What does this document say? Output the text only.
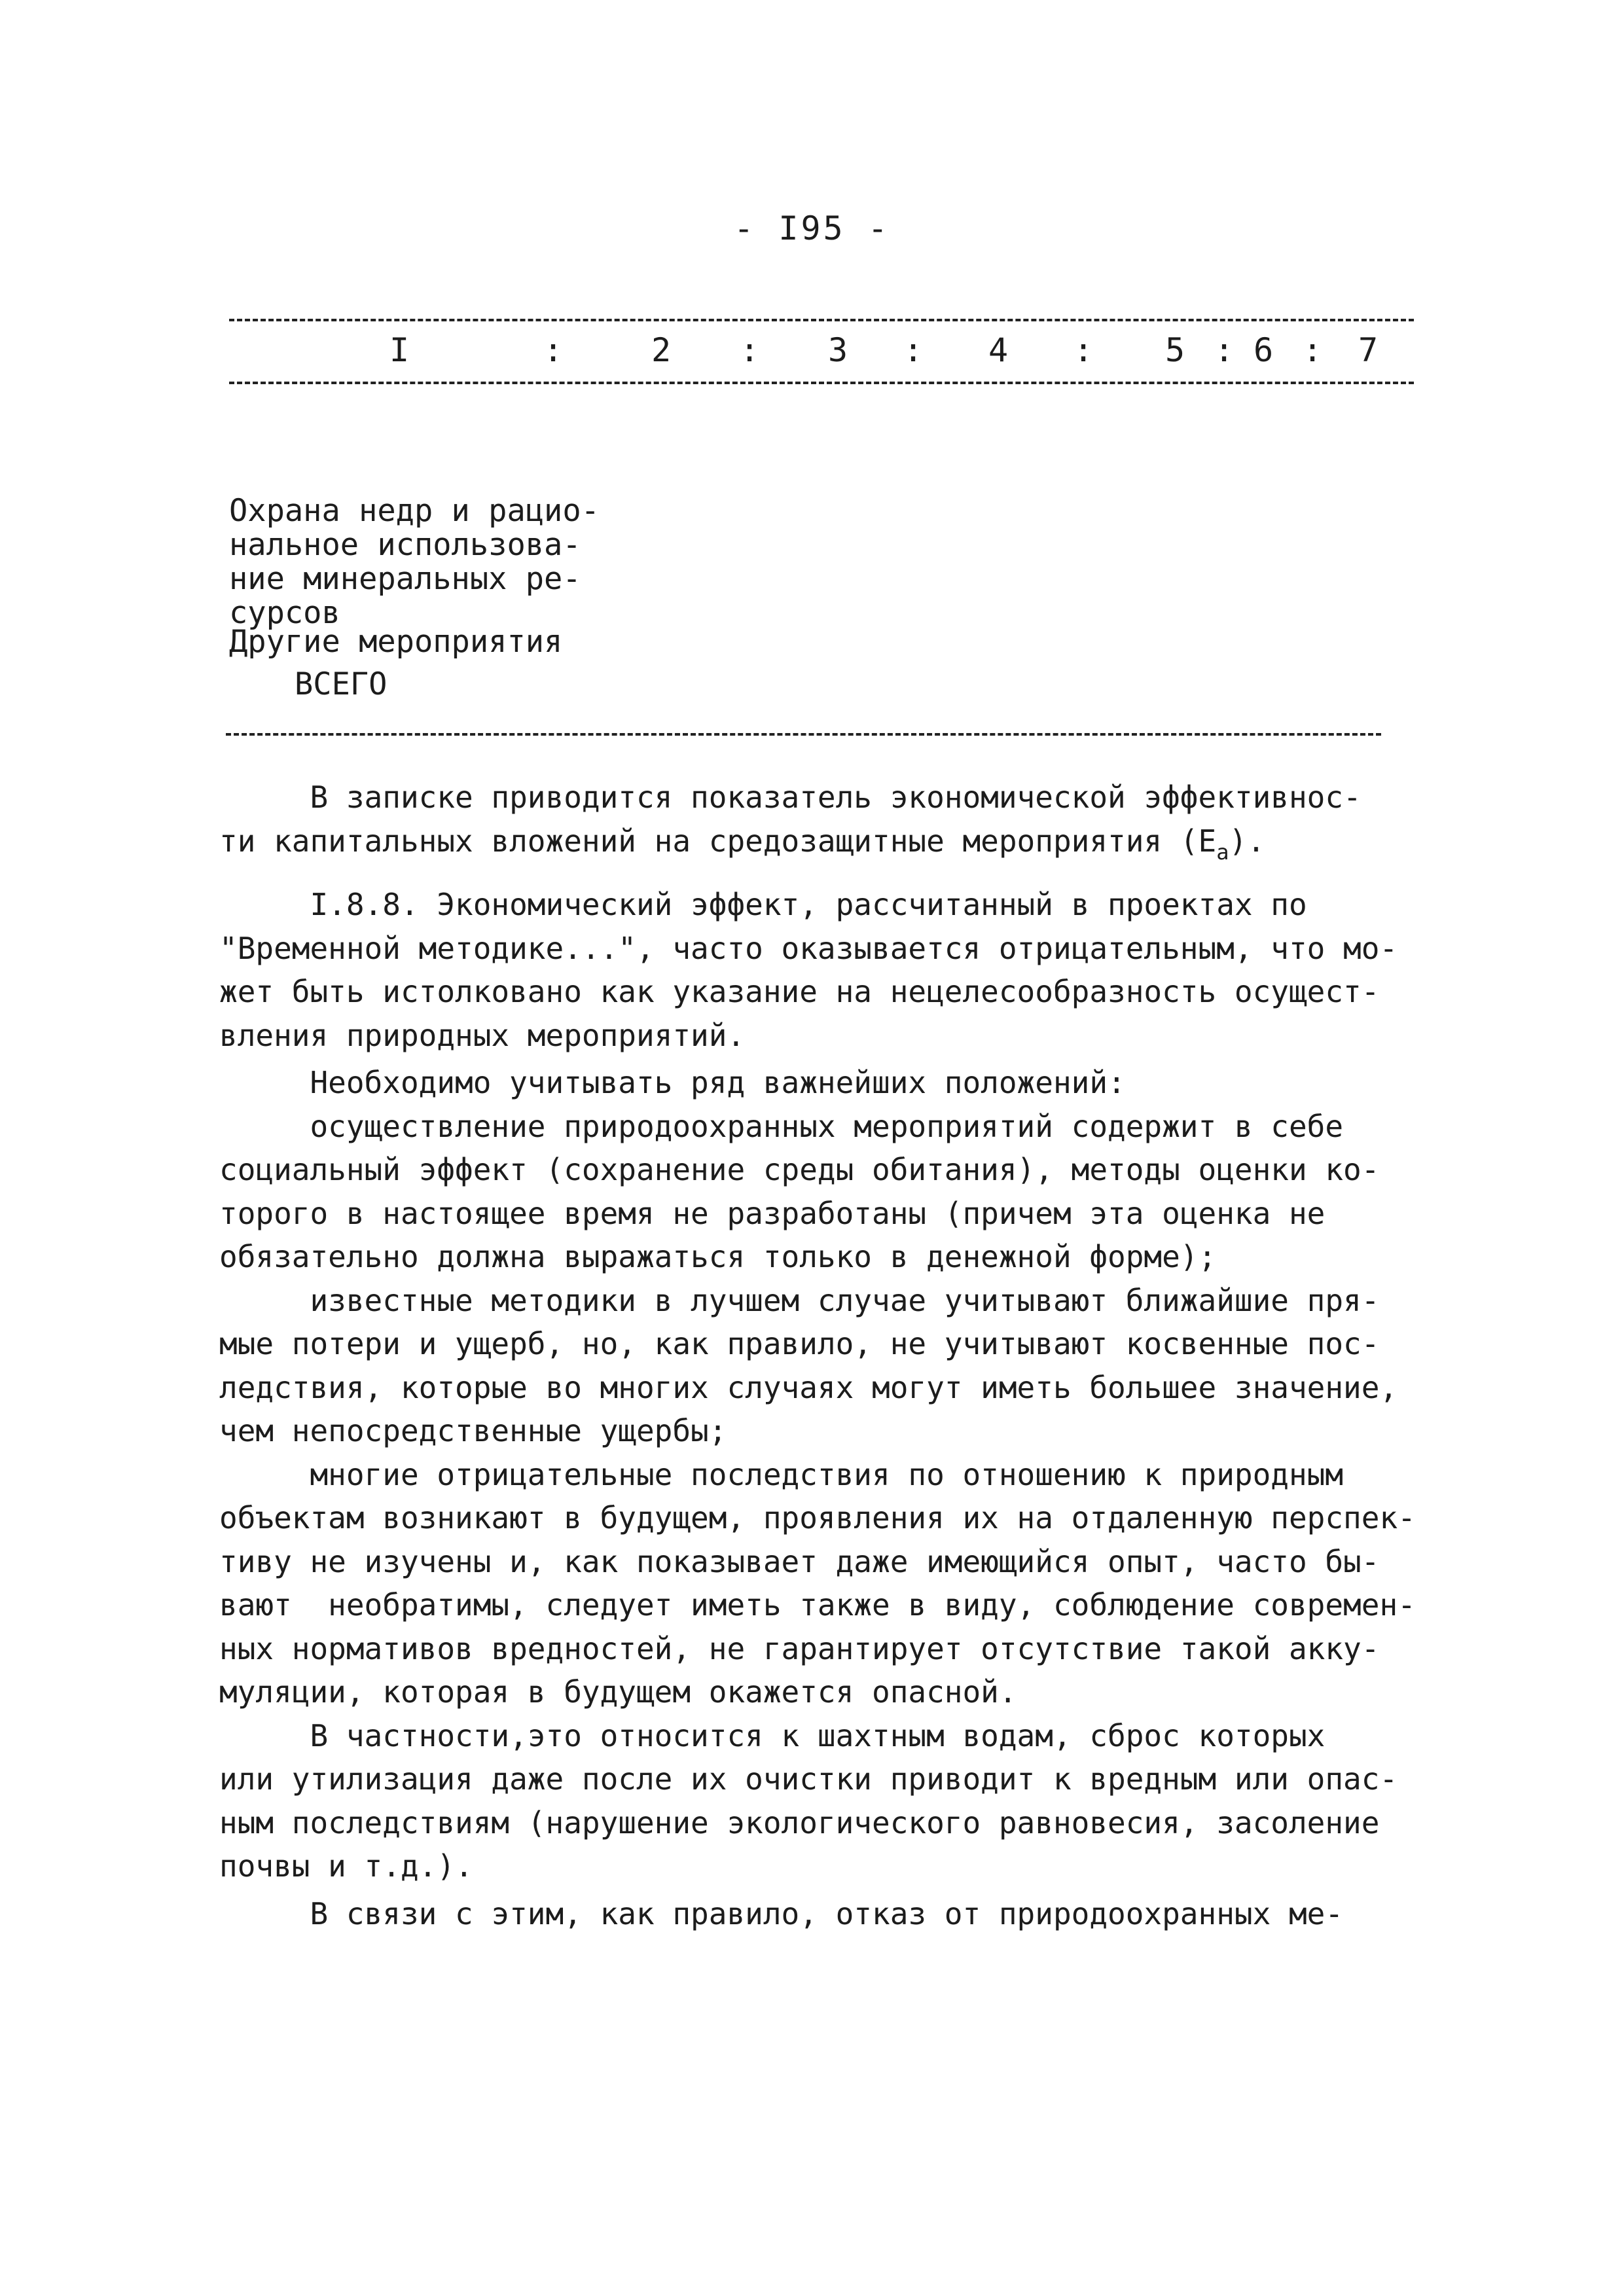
- I95 -
I	:	2 : 3 : 4 : 5 : 6 : 7
Охрана недр и рацио-
нальное использова-
ние минеральных ре-
сурсов
Другие мероприятия
ВСЕГО

В записке приводится показатель экономической эффективнос-
ти капитальных вложений на средозащитные мероприятия $(E_a)$.

I.8.8. Экономический эффект, рассчитанный в проектах по
"Временной методике...", часто оказывается отрицательным, что мо-
жет быть истолковано как указание на нецелесообразность осущест-
вления природных мероприятий.

Необходимо учитывать ряд важнейших положений:

осуществление природоохранных мероприятий содержит в себе
социальный эффект (сохранение среды обитания), методы оценки ко-
торого в настоящее время не разработаны (причем эта оценка не
обязательно должна выражаться только в денежной форме);

известные методики в лучшем случае учитывают ближайшие пря-
мые потери и ущерб, но, как правило, не учитывают косвенные пос-
ледствия, которые во многих случаях могут иметь большее значение,
чем непосредственные ущербы;

многие отрицательные последствия по отношению к природным
объектам возникают в будущем, проявления их на отдаленную перспек-
тиву не изучены и, как показывает даже имеющийся опыт, часто бы-
вают  необратимы, следует иметь также в виду, соблюдение современ-
ных нормативов вредностей, не гарантирует отсутствие такой акку-
муляции, которая в будущем окажется опасной.

В частности,это относится к шахтным водам, сброс которых
или утилизация даже после их очистки приводит к вредным или опас-
ным последствиям (нарушение экологического равновесия, засоление
почвы и т.д.).

В связи с этим, как правило, отказ от природоохранных ме-
